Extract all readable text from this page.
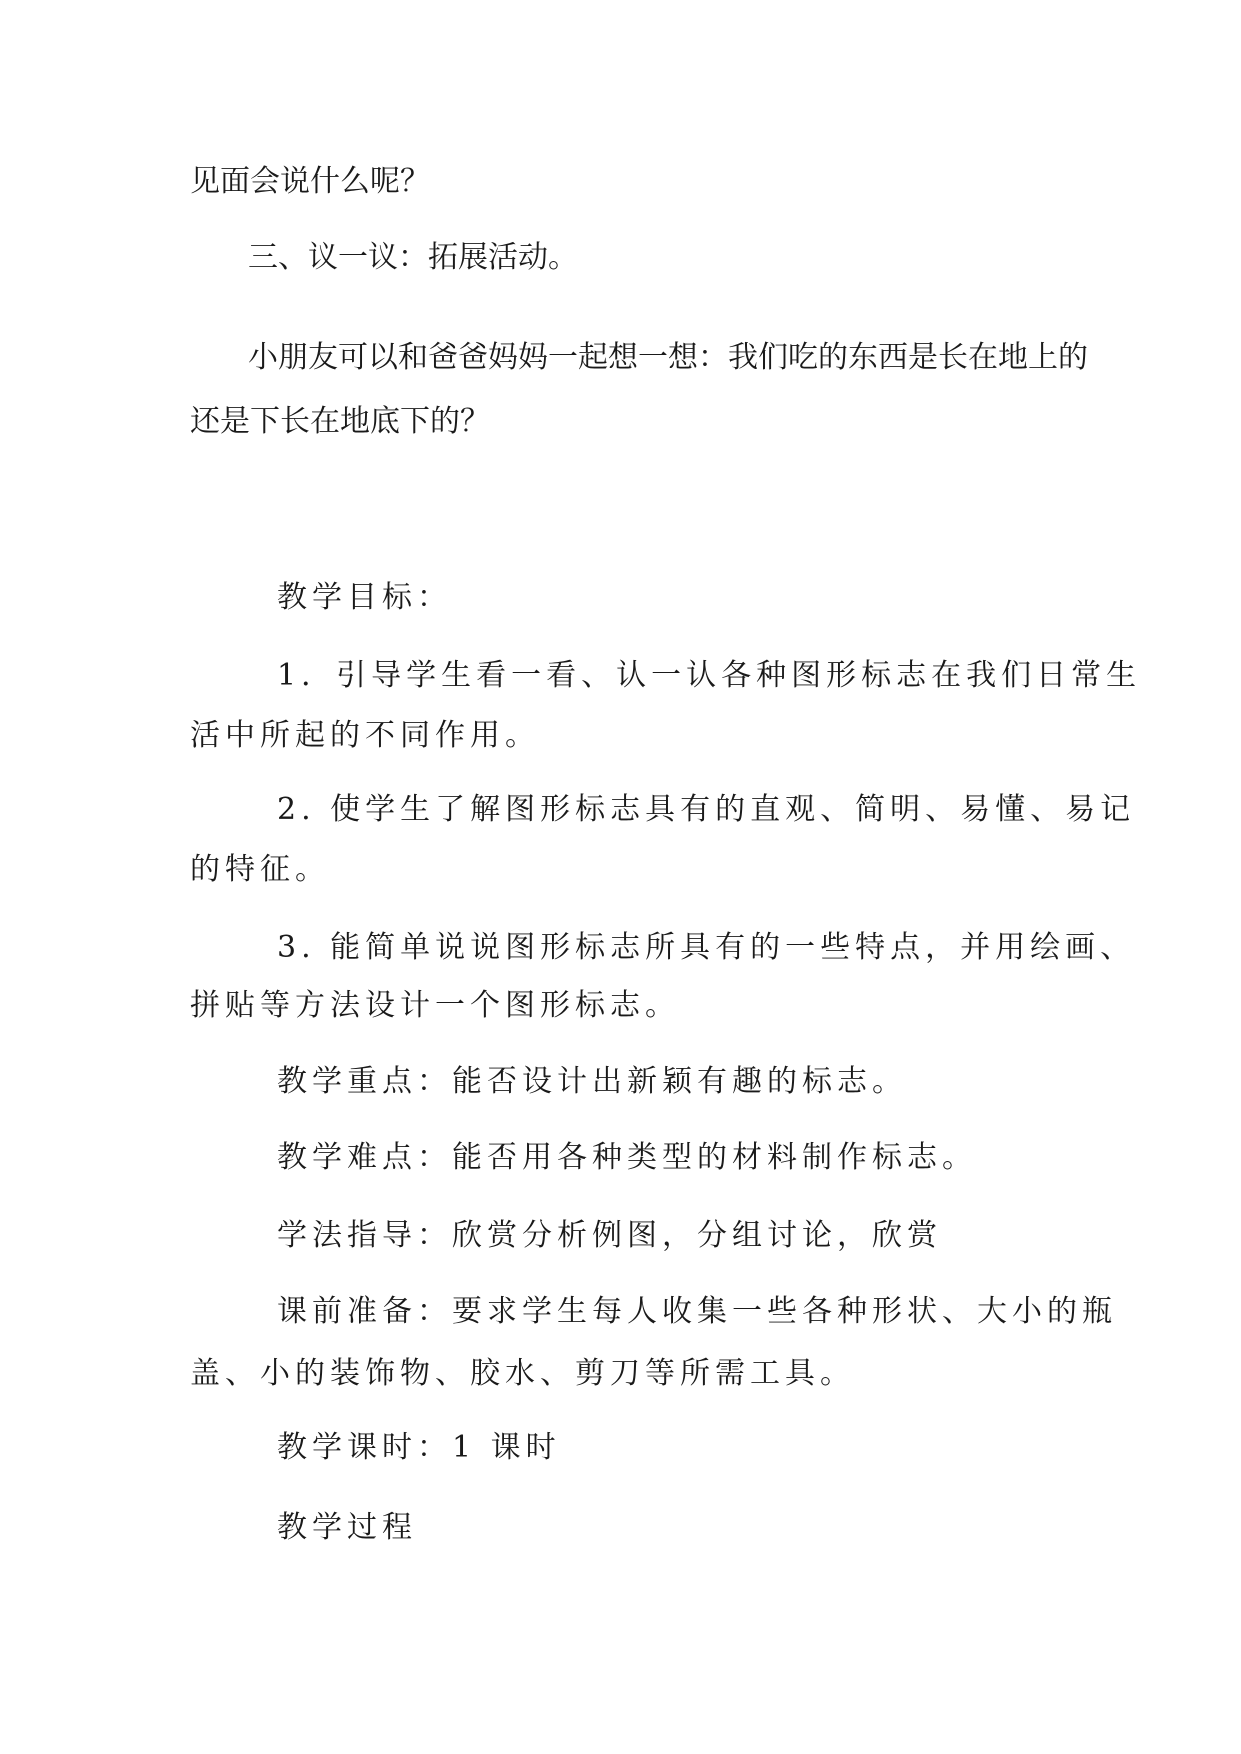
见面会说什么呢？
三、议一议：拓展活动。
小朋友可以和爸爸妈妈一起想一想：我们吃的东西是长在地上的
还是下长在地底下的？
教学目标：
1．引导学生看一看、认一认各种图形标志在我们日常生
活中所起的不同作用。
2. 使学生了解图形标志具有的直观、简明、易懂、易记
的特征。
3. 能简单说说图形标志所具有的一些特点，并用绘画、
拼贴等方法设计一个图形标志。
教学重点：能否设计出新颖有趣的标志。
教学难点：能否用各种类型的材料制作标志。
学法指导：欣赏分析例图，分组讨论，欣赏
课前准备：要求学生每人收集一些各种形状、大小的瓶
盖、小的装饰物、胶水、剪刀等所需工具。
教学课时：1 课时
教学过程
